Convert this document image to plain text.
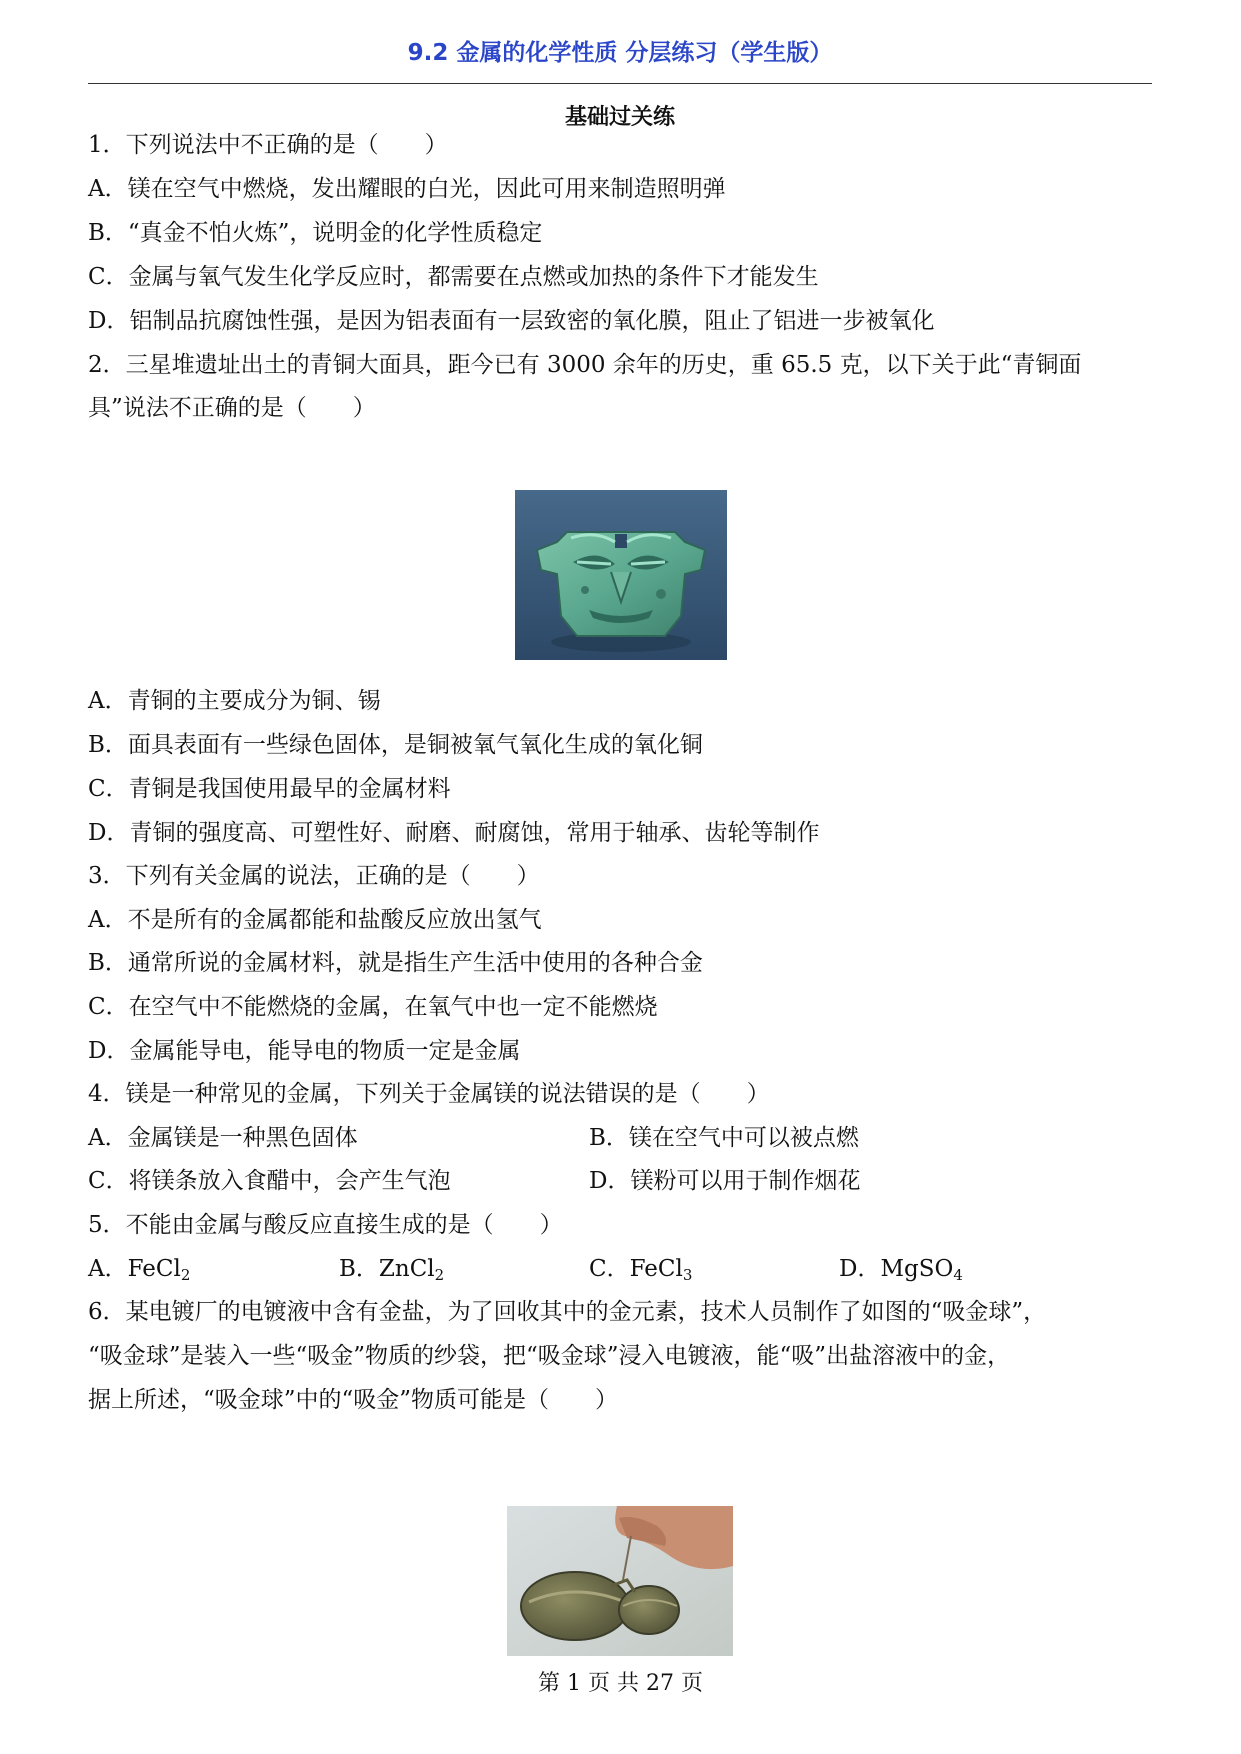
9.2 金属的化学性质 分层练习（学生版）
基础过关练
1．下列说法中不正确的是（　　）
A．镁在空气中燃烧，发出耀眼的白光，因此可用来制造照明弹
B．“真金不怕火炼”，说明金的化学性质稳定
C．金属与氧气发生化学反应时，都需要在点燃或加热的条件下才能发生
D．铝制品抗腐蚀性强，是因为铝表面有一层致密的氧化膜，阻止了铝进一步被氧化
2．三星堆遗址出土的青铜大面具，距今已有 3000 余年的历史，重 65.5 克，以下关于此“青铜面
具”说法不正确的是（　　）
A．青铜的主要成分为铜、锡
B．面具表面有一些绿色固体，是铜被氧气氧化生成的氧化铜
C．青铜是我国使用最早的金属材料
D．青铜的强度高、可塑性好、耐磨、耐腐蚀，常用于轴承、齿轮等制作
3．下列有关金属的说法，正确的是（　　）
A．不是所有的金属都能和盐酸反应放出氢气
B．通常所说的金属材料，就是指生产生活中使用的各种合金
C．在空气中不能燃烧的金属，在氧气中也一定不能燃烧
D．金属能导电，能导电的物质一定是金属
4．镁是一种常见的金属，下列关于金属镁的说法错误的是（　　）
A．金属镁是一种黑色固体	B．镁在空气中可以被点燃
C．将镁条放入食醋中，会产生气泡	D．镁粉可以用于制作烟花
5．不能由金属与酸反应直接生成的是（　　）
A．FeCl$_2$	B．ZnCl$_2$	C．FeCl$_3$	D．MgSO$_4$
6．某电镀厂的电镀液中含有金盐，为了回收其中的金元素，技术人员制作了如图的“吸金球”，
“吸金球”是装入一些“吸金”物质的纱袋，把“吸金球”浸入电镀液，能“吸”出盐溶液中的金，
据上所述，“吸金球”中的“吸金”物质可能是（　　）
第 1 页 共 27 页
